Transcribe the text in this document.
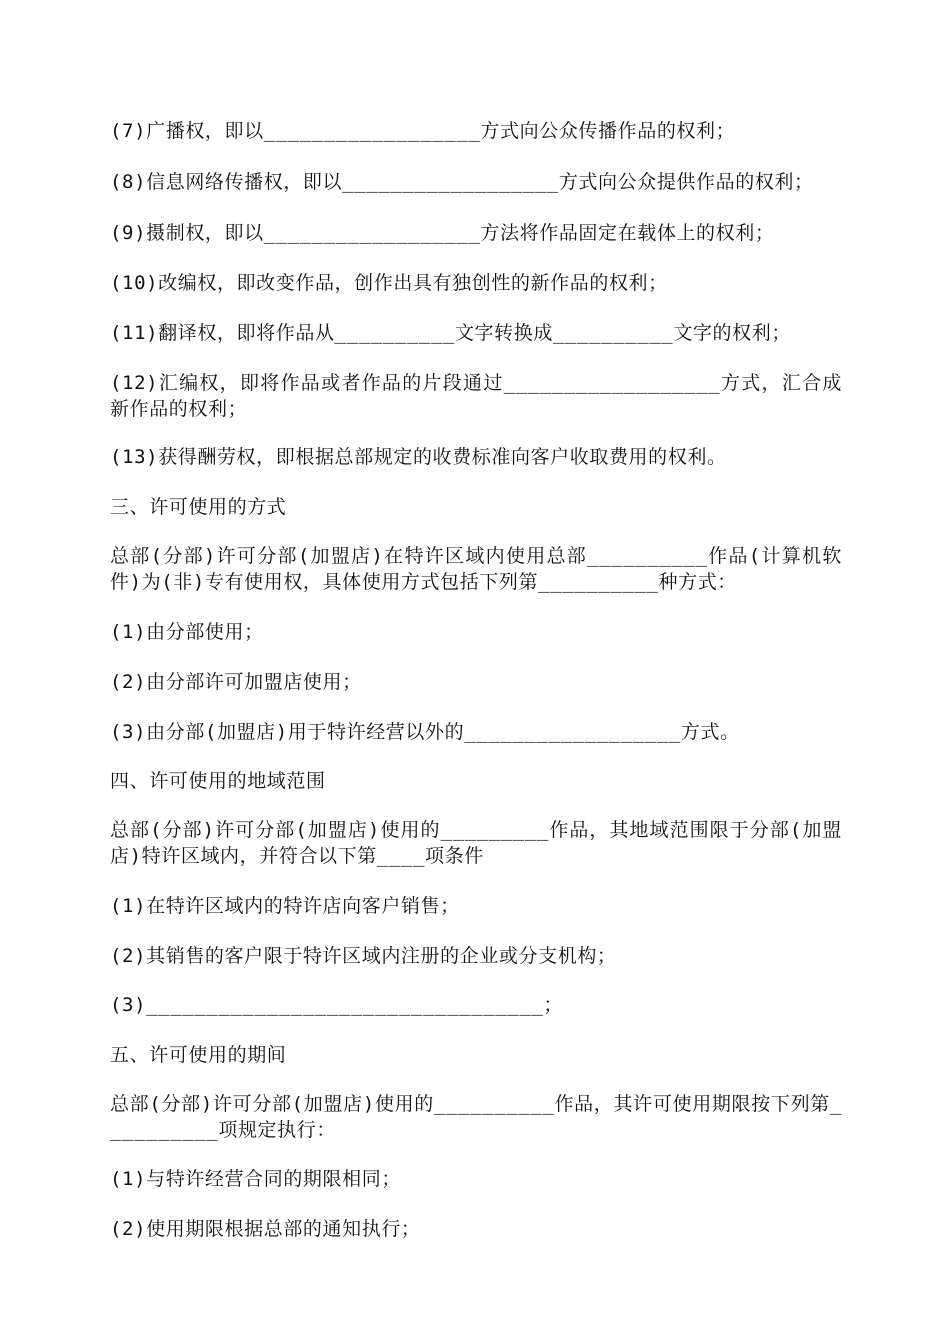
(7)广播权，即以__________________方式向公众传播作品的权利；
(8)信息网络传播权，即以__________________方式向公众提供作品的权利；
(9)摄制权，即以__________________方法将作品固定在载体上的权利；
(10)改编权，即改变作品，创作出具有独创性的新作品的权利；
(11)翻译权，即将作品从__________文字转换成__________文字的权利；
(12)汇编权，即将作品或者作品的片段通过__________________方式，汇合成新作品的权利；
(13)获得酬劳权，即根据总部规定的收费标准向客户收取费用的权利。
三、许可使用的方式
总部(分部)许可分部(加盟店)在特许区域内使用总部__________作品(计算机软件)为(非)专有使用权，具体使用方式包括下列第__________种方式：
(1)由分部使用；
(2)由分部许可加盟店使用；
(3)由分部(加盟店)用于特许经营以外的__________________方式。
四、许可使用的地域范围
总部(分部)许可分部(加盟店)使用的_________作品，其地域范围限于分部(加盟店)特许区域内，并符合以下第____项条件
(1)在特许区域内的特许店向客户销售；
(2)其销售的客户限于特许区域内注册的企业或分支机构；
(3)_________________________________；
五、许可使用的期间
总部(分部)许可分部(加盟店)使用的__________作品，其许可使用期限按下列第__________项规定执行：
(1)与特许经营合同的期限相同；
(2)使用期限根据总部的通知执行；
